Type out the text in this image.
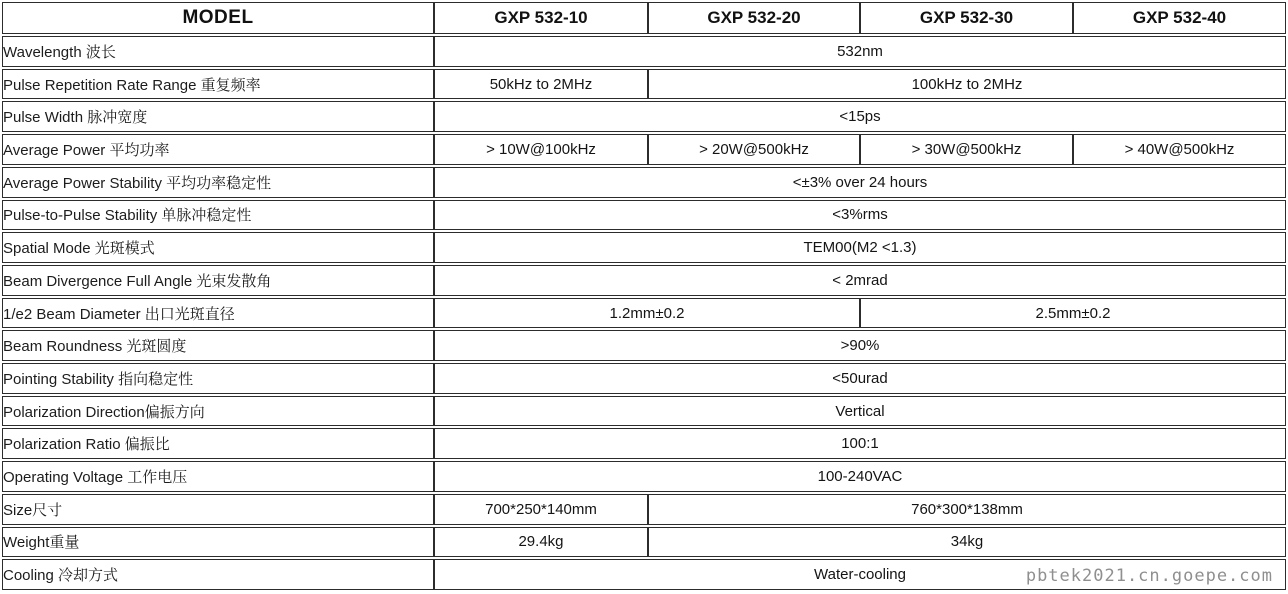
MODEL	GXP 532-10	GXP 532-20	GXP 532-30	GXP 532-40
Wavelength 波长	532nm			
Pulse Repetition Rate Range 重复频率	50kHz to 2MHz	100kHz to 2MHz		
Pulse Width 脉冲宽度	<15ps			
Average Power 平均功率	> 10W@100kHz	> 20W@500kHz	> 30W@500kHz	> 40W@500kHz
Average Power Stability 平均功率稳定性	<±3% over 24 hours			
Pulse-to-Pulse Stability 单脉冲稳定性	<3%rms			
Spatial Mode 光斑模式	TEM00(M2 <1.3)			
Beam Divergence Full Angle 光束发散角	< 2mrad			
1/e2 Beam Diameter 出口光斑直径	1.2mm±0.2		2.5mm±0.2	
Beam Roundness 光斑圆度	>90%			
Pointing Stability 指向稳定性	<50urad			
Polarization Direction偏振方向	Vertical			
Polarization Ratio 偏振比	100:1			
Operating Voltage 工作电压	100-240VAC			
Size尺寸	700*250*140mm	760*300*138mm		
Weight重量	29.4kg	34kg		
Cooling 冷却方式	Water-cooling				pbtek2021.cn.goepe.com
